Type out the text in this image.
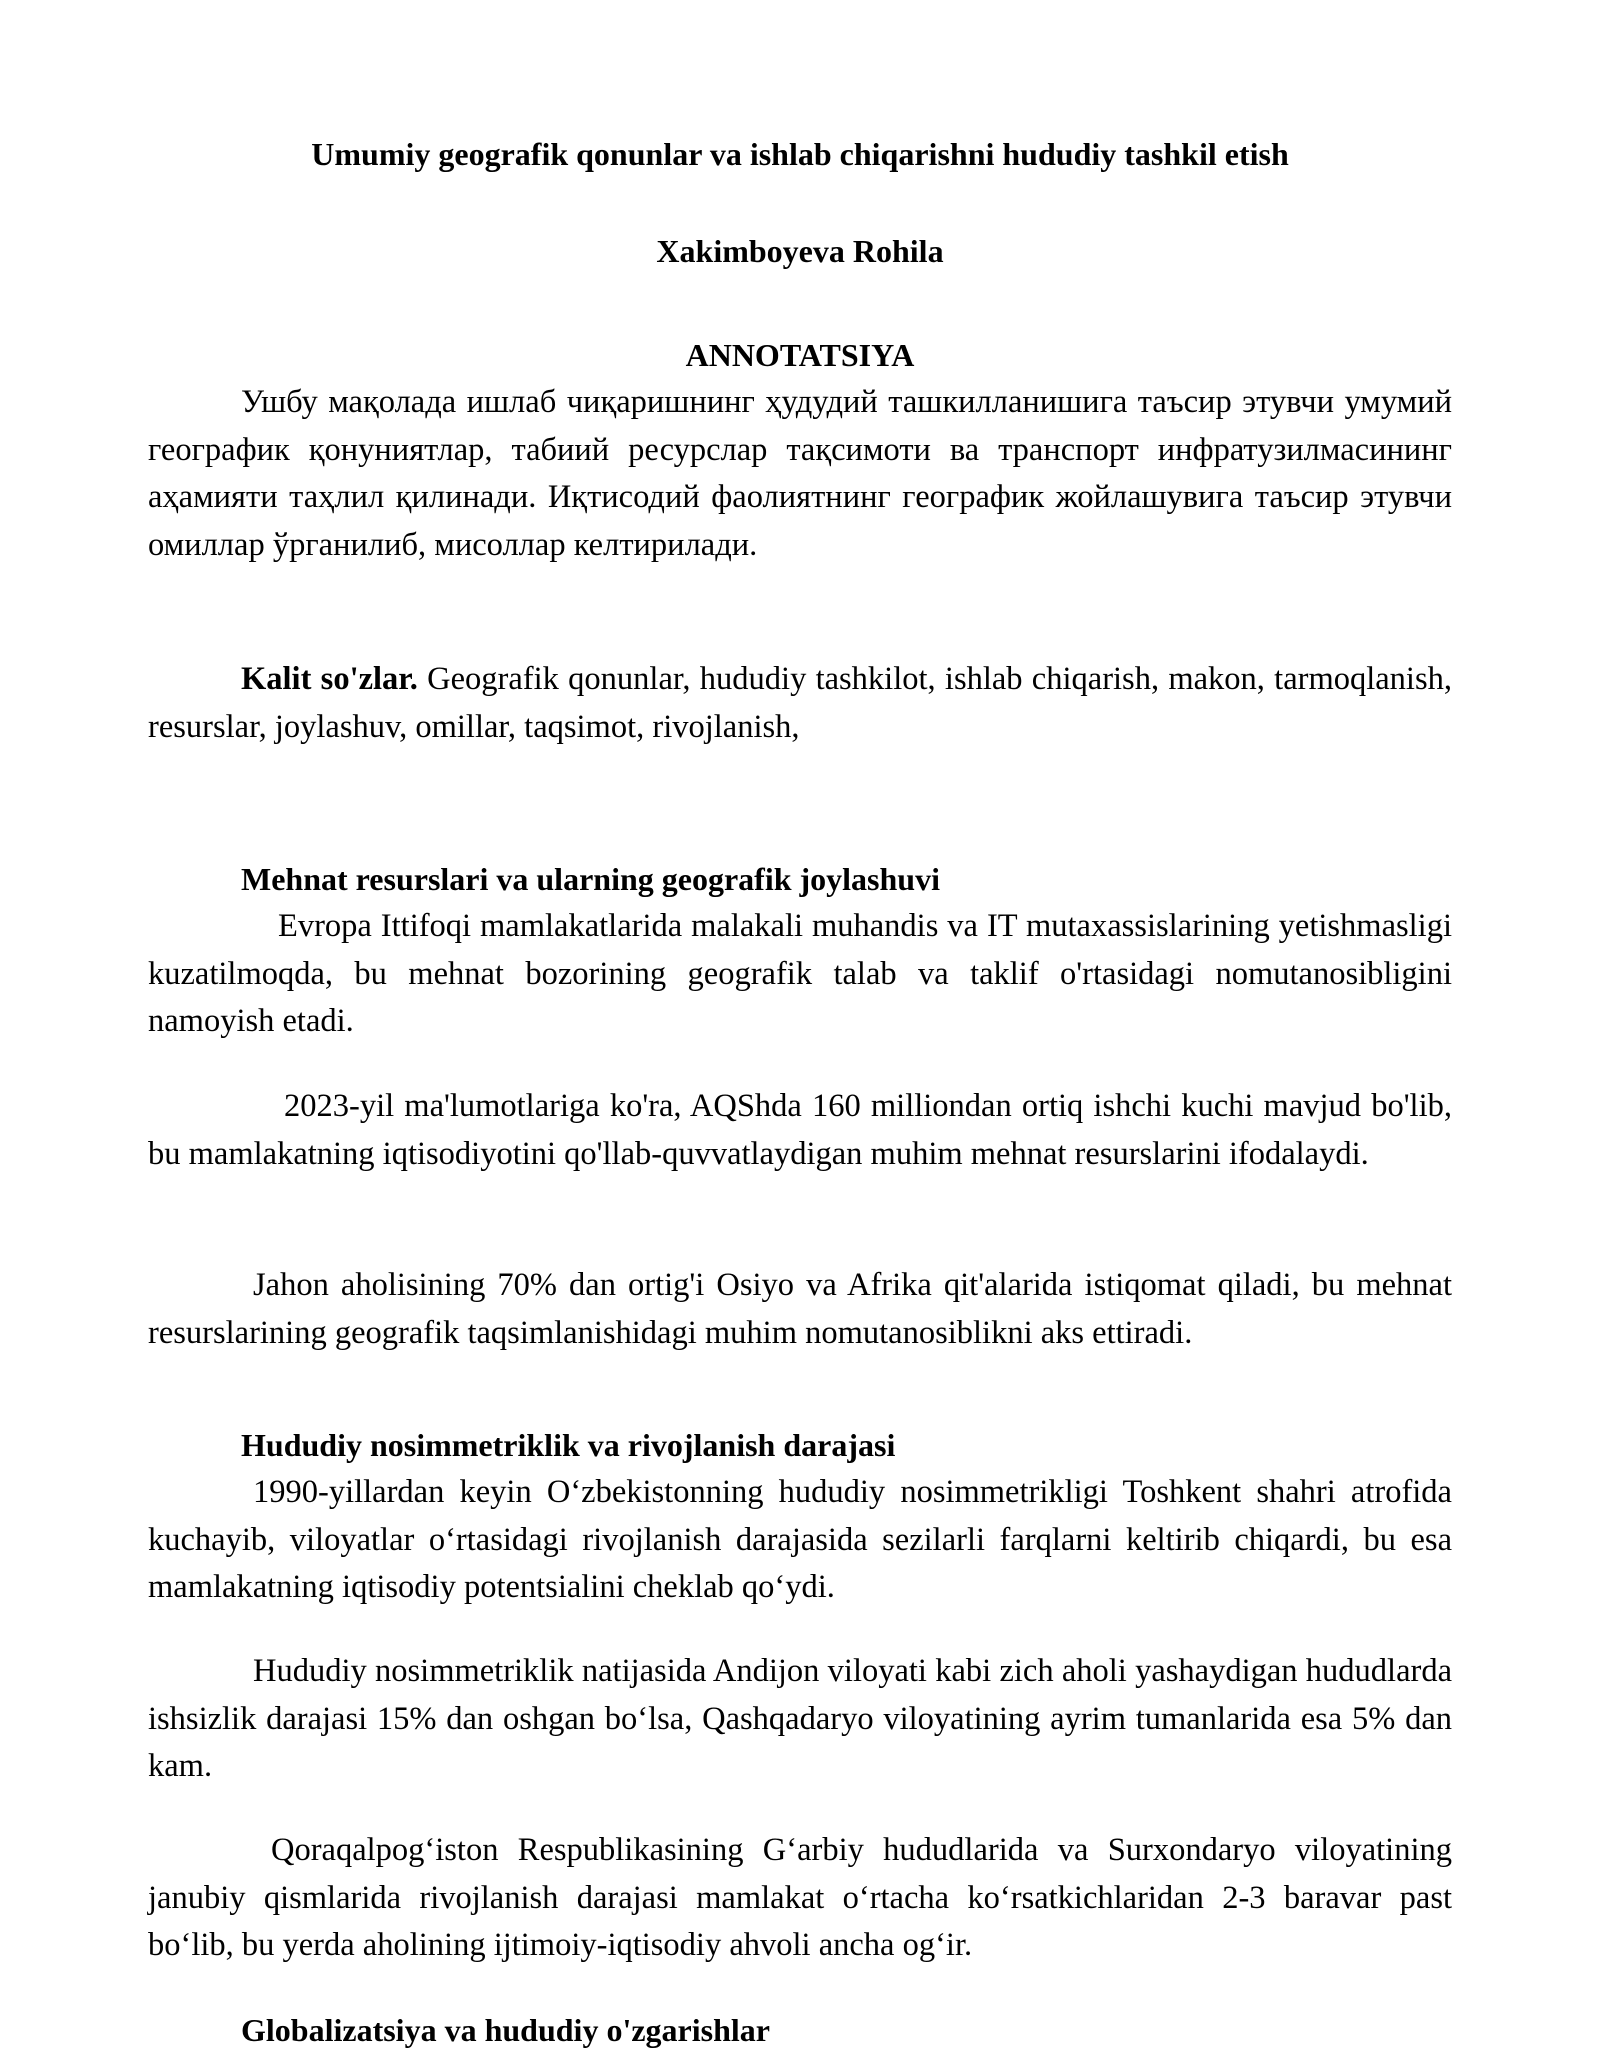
Umumiy geografik qonunlar va ishlab chiqarishni hududiy tashkil etish
Xakimboyeva Rohila
ANNOTATSIYA

Ушбу мақолада ишлаб чиқаришнинг ҳудудий ташкилланишига таъсир этувчи умумий географик қонуниятлар, табиий ресурслар тақсимоти ва транспорт инфратузилмасининг аҳамияти таҳлил қилинади. Иқтисодий фаолиятнинг географик жойлашувига таъсир этувчи омиллар ўрганилиб, мисоллар келтирилади.

Kalit so'zlar. Geografik qonunlar, hududiy tashkilot, ishlab chiqarish, makon, tarmoqlanish, resurslar, joylashuv, omillar, taqsimot, rivojlanish,

Mehnat resurslari va ularning geografik joylashuvi

Evropa Ittifoqi mamlakatlarida malakali muhandis va IT mutaxassislarining yetishmasligi kuzatilmoqda, bu mehnat bozorining geografik talab va taklif o'rtasidagi nomutanosibligini namoyish etadi.

2023-yil ma'lumotlariga ko'ra, AQShda 160 milliondan ortiq ishchi kuchi mavjud bo'lib, bu mamlakatning iqtisodiyotini qo'llab-quvvatlaydigan muhim mehnat resurslarini ifodalaydi.

Jahon aholisining 70% dan ortig'i Osiyo va Afrika qit'alarida istiqomat qiladi, bu mehnat resurslarining geografik taqsimlanishidagi muhim nomutanosiblikni aks ettiradi.

Hududiy nosimmetriklik va rivojlanish darajasi

1990-yillardan keyin O‘zbekistonning hududiy nosimmetrikligi Toshkent shahri atrofida kuchayib, viloyatlar o‘rtasidagi rivojlanish darajasida sezilarli farqlarni keltirib chiqardi, bu esa mamlakatning iqtisodiy potentsialini cheklab qo‘ydi.

Hududiy nosimmetriklik natijasida Andijon viloyati kabi zich aholi yashaydigan hududlarda ishsizlik darajasi 15% dan oshgan bo‘lsa, Qashqadaryo viloyatining ayrim tumanlarida esa 5% dan kam.

Qoraqalpog‘iston Respublikasining G‘arbiy hududlarida va Surxondaryo viloyatining janubiy qismlarida rivojlanish darajasi mamlakat o‘rtacha ko‘rsatkichlaridan 2-3 baravar past bo‘lib, bu yerda aholining ijtimoiy-iqtisodiy ahvoli ancha og‘ir.

Globalizatsiya va hududiy o'zgarishlar
